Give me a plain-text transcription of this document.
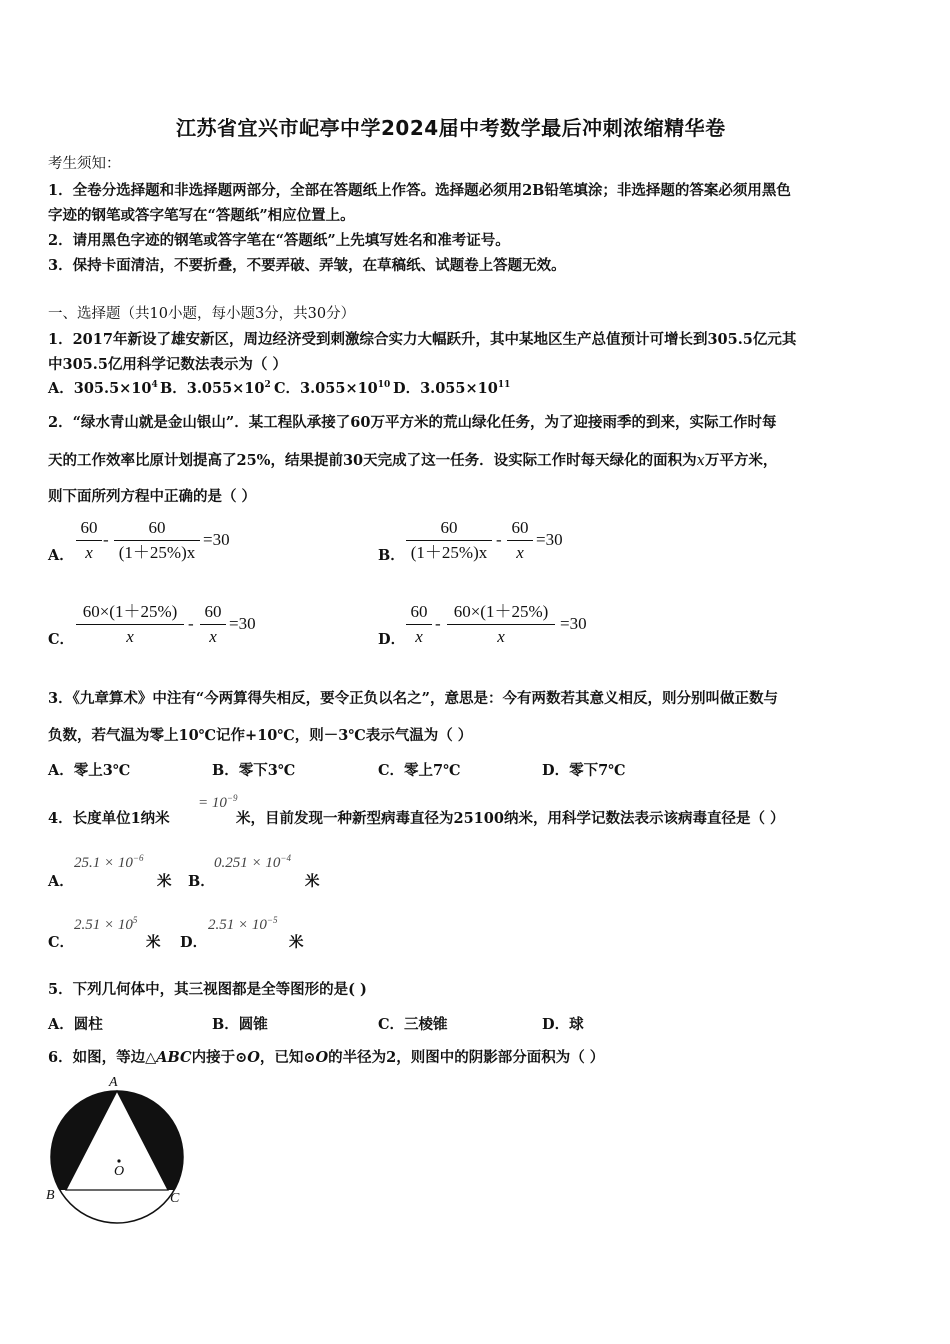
江苏省宜兴市屺亭中学2024届中考数学最后冲刺浓缩精华卷
考生须知：
1．全卷分选择题和非选择题两部分，全部在答题纸上作答。选择题必须用2B铅笔填涂；非选择题的答案必须用黑色
字迹的钢笔或答字笔写在“答题纸”相应位置上。
2．请用黑色字迹的钢笔或答字笔在“答题纸”上先填写姓名和准考证号。
3．保持卡面清洁，不要折叠，不要弄破、弄皱，在草稿纸、试题卷上答题无效。
一、选择题（共10小题，每小题3分，共30分）
1．2017年新设了雄安新区，周边经济受到刺激综合实力大幅跃升，其中某地区生产总值预计可增长到305.5亿元其
中305.5亿用科学记数法表示为（ ）
A．$305.5\times 10^4$ B．$3.055\times 10^2$ C．$3.055\times 10^{10}$ D．$3.055\times 10^{11}$
2．“绿水青山就是金山银山”．某工程队承接了60万平方米的荒山绿化任务，为了迎接雨季的到来，实际工作时每
天的工作效率比原计划提高了25%，结果提前30天完成了这一任务．设实际工作时每天绿化的面积为x万平方米，
则下面所列方程中正确的是（ ）
A．
60
x
-
60
(1＋25%)x
=30
B．
60
(1＋25%)x
-
60
x
=30
C．
60×(1＋25%)
x
-
60
x
=30
D．
60
x
-
60×(1＋25%)
x
=30
3．《九章算术》中注有“今两算得失相反，要令正负以名之”，意思是：今有两数若其意义相反，则分别叫做正数与
负数，若气温为零上10℃记作+10℃，则－3℃表示气温为（ ）
A．零上3℃	B．零下3℃	C．零上7℃	D．零下7℃
4．长度单位1纳米
= $10^{-9}$
米，目前发现一种新型病毒直径为25100纳米，用科学记数法表示该病毒直径是（ ）
A．
$25.1 \times 10^{-6}$
米 B．
$0.251 \times 10^{-4}$
米
C．
$2.51 \times 10^5$
米 D．
$2.51 \times 10^{-5}$
米
5．下列几何体中，其三视图都是全等图形的是( )
A．圆柱	B．圆锥	C．三棱锥	D．球
6．如图，等边△ABC内接于⊙O，已知⊙O的半径为2，则图中的阴影部分面积为（ ）
A
B	C
O
